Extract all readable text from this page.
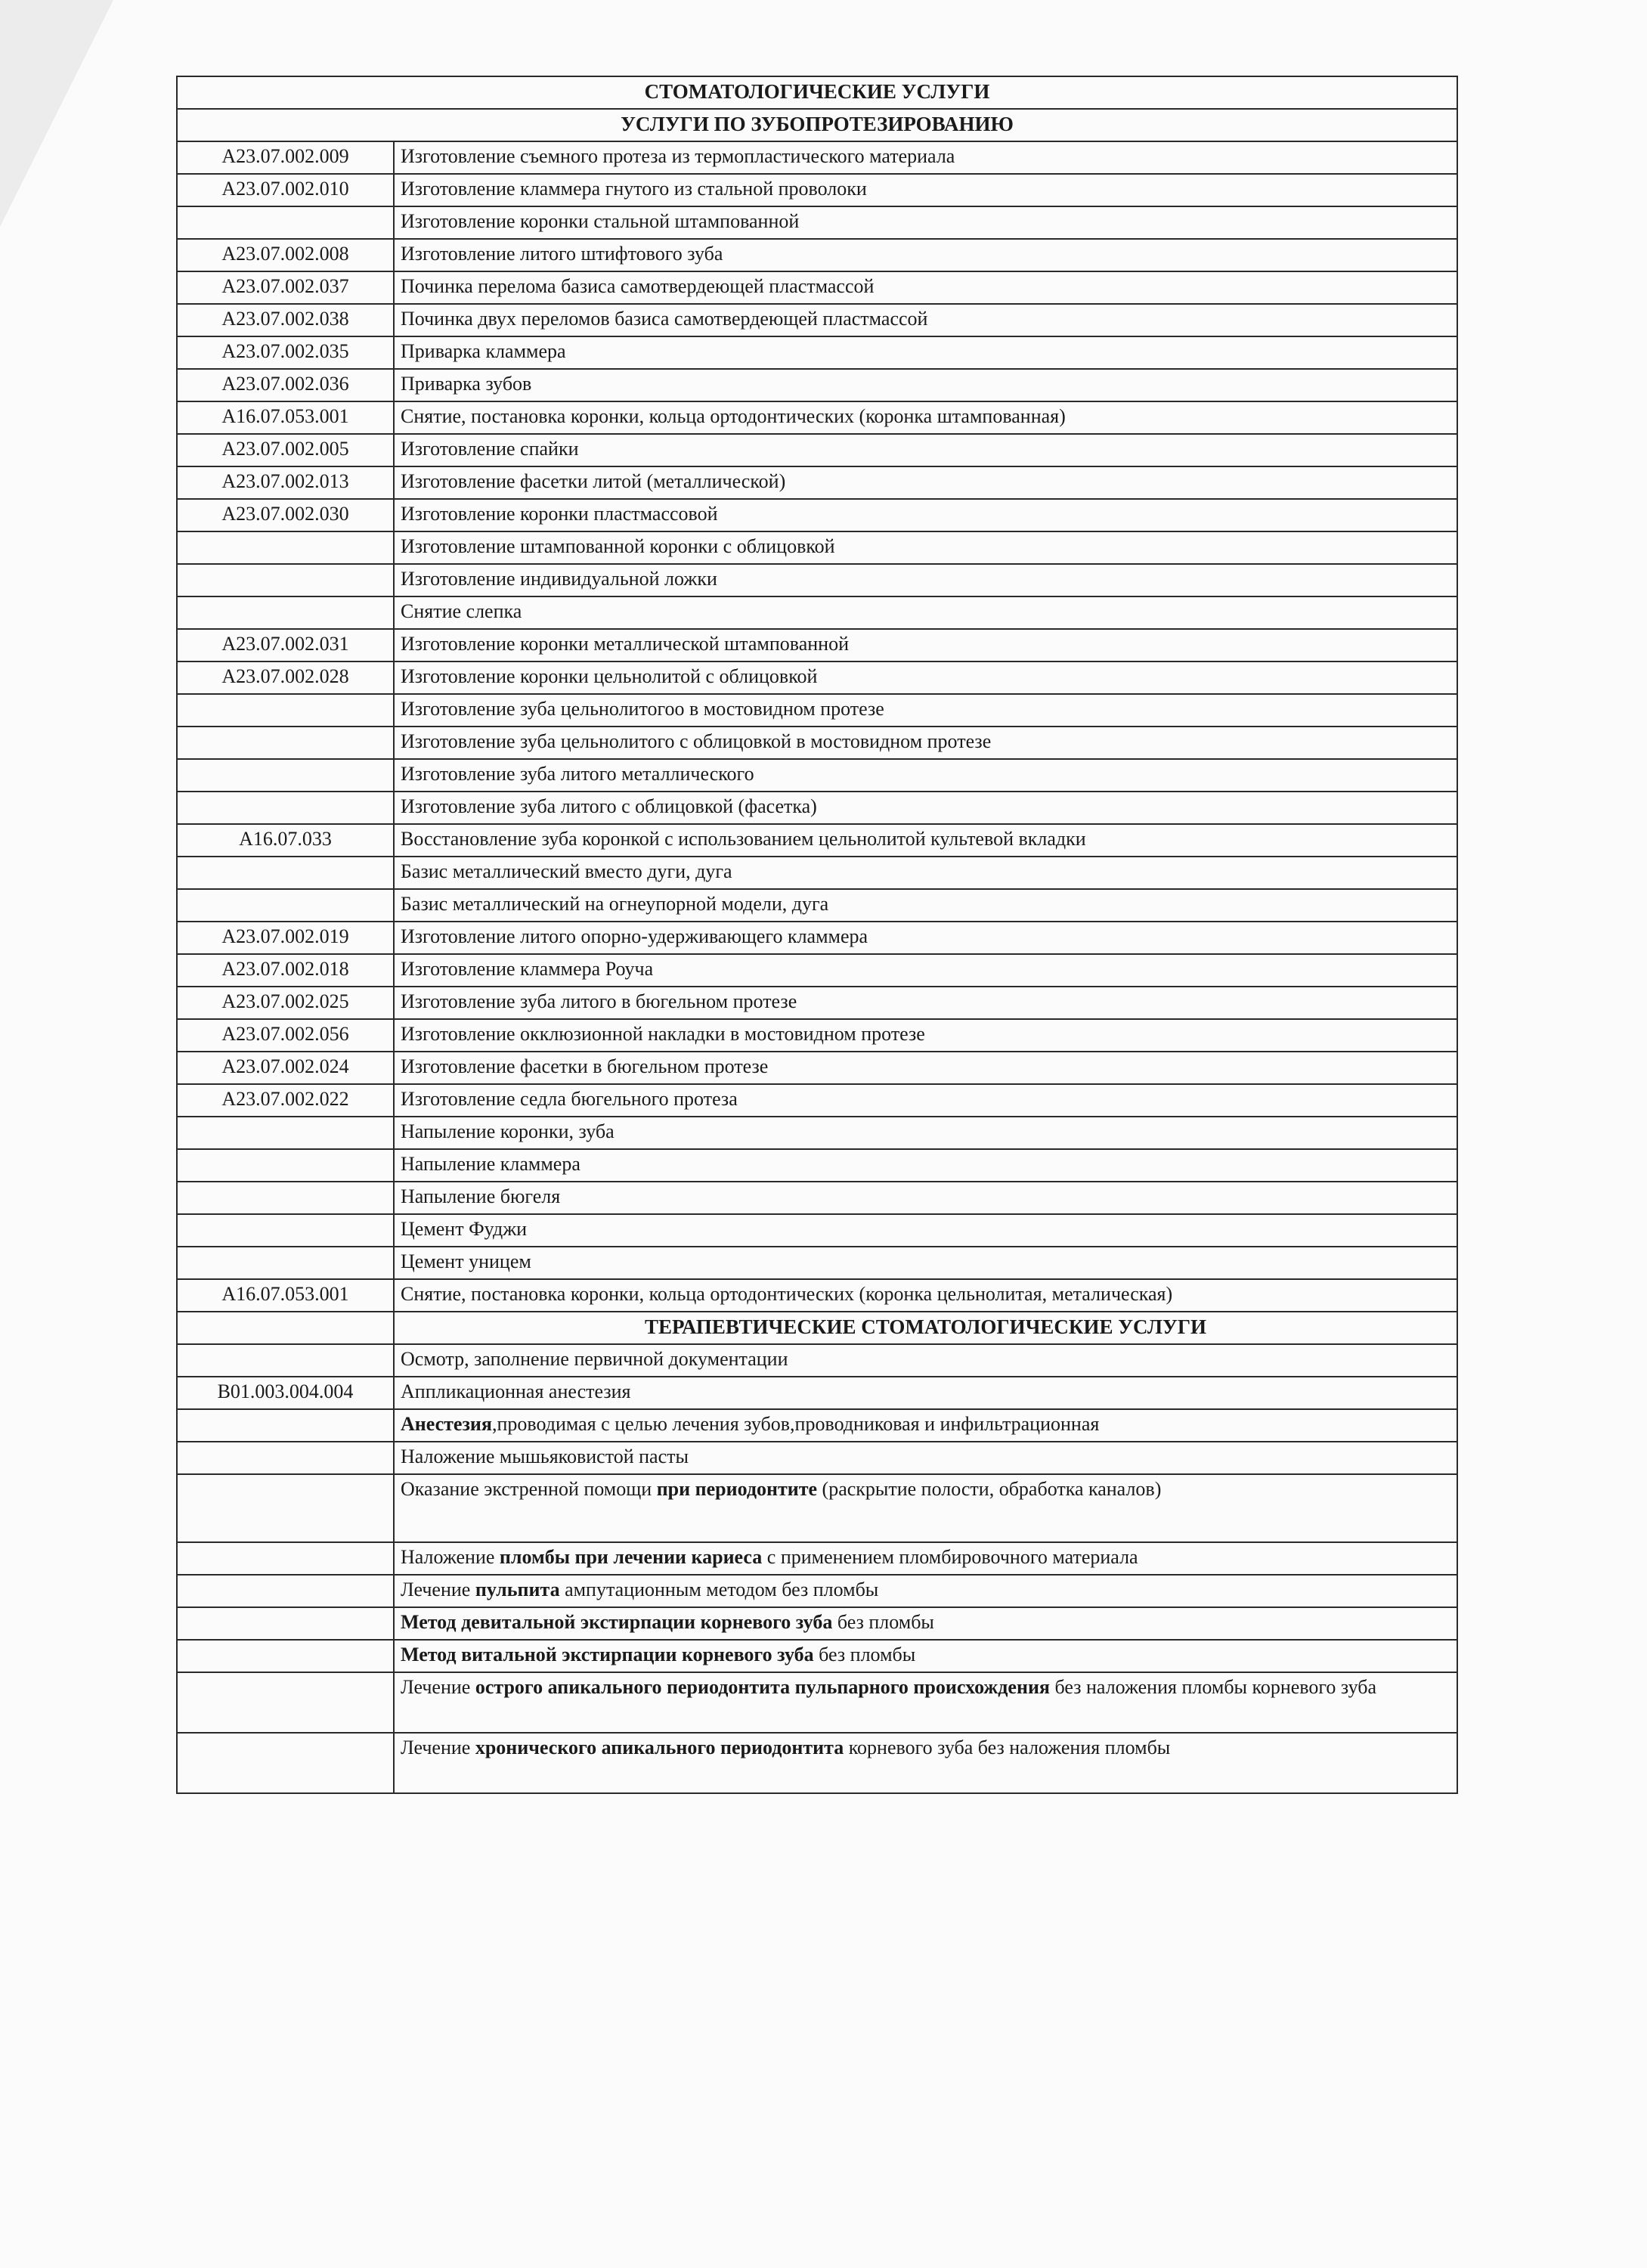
СТОМАТОЛОГИЧЕСКИЕ УСЛУГИ	
УСЛУГИ ПО ЗУБОПРОТЕЗИРОВАНИЮ	
A23.07.002.009	Изготовление съемного протеза из термопластического материала
A23.07.002.010	Изготовление кламмера гнутого из стальной проволоки
	Изготовление коронки стальной штампованной
A23.07.002.008	Изготовление литого штифтового зуба
A23.07.002.037	Починка перелома базиса самотвердеющей пластмассой
A23.07.002.038	Починка двух переломов базиса самотвердеющей пластмассой
A23.07.002.035	Приварка кламмера
A23.07.002.036	Приварка зубов
A16.07.053.001	Снятие, постановка коронки, кольца ортодонтических (коронка штампованная)
A23.07.002.005	Изготовление спайки
A23.07.002.013	Изготовление фасетки литой (металлической)
A23.07.002.030	Изготовление коронки пластмассовой
	Изготовление штампованной коронки с облицовкой
	Изготовление индивидуальной ложки
	Снятие слепка
A23.07.002.031	Изготовление коронки металлической штампованной
A23.07.002.028	Изготовление коронки цельнолитой с облицовкой
	Изготовление зуба цельнолитогоо в мостовидном протезе
	Изготовление зуба цельнолитого с облицовкой в мостовидном протезе
	Изготовление зуба литого металлического
	Изготовление зуба литого с облицовкой (фасетка)
A16.07.033	Восстановление зуба коронкой с использованием цельнолитой культевой вкладки
	Базис металлический вместо дуги, дуга
	Базис металлический на огнеупорной модели, дуга
A23.07.002.019	Изготовление литого опорно-удерживающего кламмера
A23.07.002.018	Изготовление кламмера Роуча
A23.07.002.025	Изготовление зуба литого в бюгельном протезе
A23.07.002.056	Изготовление окклюзионной накладки в мостовидном протезе
A23.07.002.024	Изготовление фасетки в бюгельном протезе
A23.07.002.022	Изготовление седла бюгельного протеза
	Напыление коронки, зуба
	Напыление кламмера
	Напыление бюгеля
	Цемент Фуджи
	Цемент уницем
A16.07.053.001	Снятие, постановка коронки, кольца ортодонтических (коронка цельнолитая, металическая)
	ТЕРАПЕВТИЧЕСКИЕ СТОМАТОЛОГИЧЕСКИЕ УСЛУГИ
	Осмотр, заполнение первичной документации
B01.003.004.004	Аппликационная анестезия
	Анестезия,проводимая с целью лечения зубов,проводниковая и инфильтрационная
	Наложение мышьяковистой пасты
	Оказание экстренной помощи при периодонтите (раскрытие полости, обработка каналов)
	Наложение пломбы при лечении кариеса с применением пломбировочного материала
	Лечение пульпита ампутационным методом без пломбы
	Метод девитальной экстирпации корневого зуба без пломбы
	Метод витальной экстирпации корневого зуба без пломбы
	Лечение острого апикального периодонтита пульпарного происхождения без наложения пломбы корневого зуба
	Лечение хронического апикального периодонтита корневого зуба без наложения пломбы
